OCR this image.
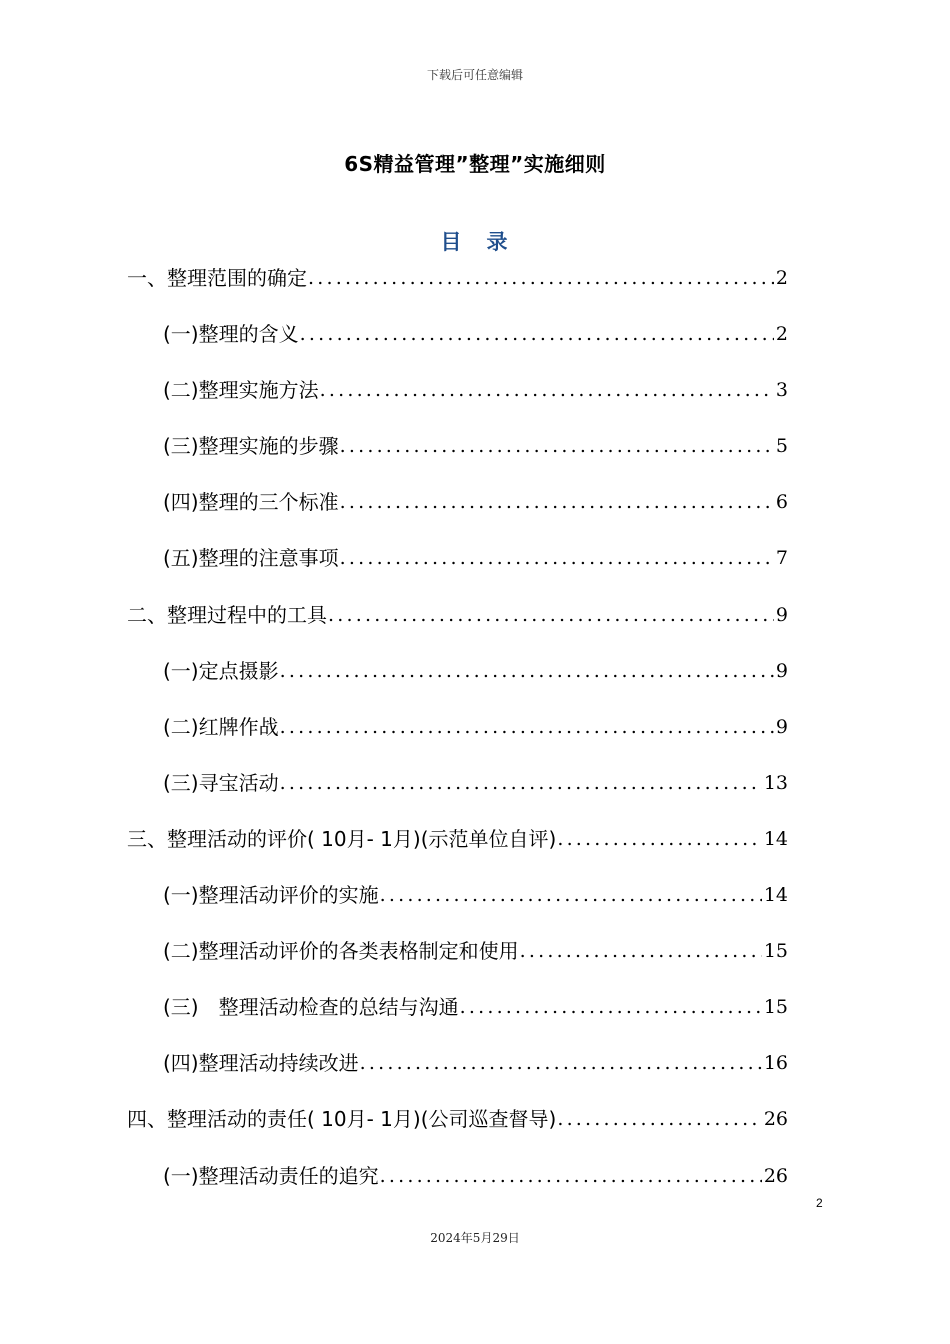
下载后可任意编辑
6S精益管理”整理”实施细则
目　录
一、整理范围的确定 .....	2
(一)整理的含义 .....	2
(二)整理实施方法 .....	3
(三)整理实施的步骤 .....	5
(四)整理的三个标准 .....	6
(五)整理的注意事项 .....	7
二、整理过程中的工具 .....	9
(一)定点摄影 .....	9
(二)红牌作战 .....	9
(三)寻宝活动 .....	13
三、整理活动的评价( 10月- 1月)(示范单位自评) .....	14
(一)整理活动评价的实施 .....	14
(二)整理活动评价的各类表格制定和使用 .....	15
(三)　整理活动检查的总结与沟通 .....	15
(四)整理活动持续改进 .....	16
四、整理活动的责任( 10月- 1月)(公司巡查督导) .....	26
(一)整理活动责任的追究 .....	26
2
2024年5月29日
